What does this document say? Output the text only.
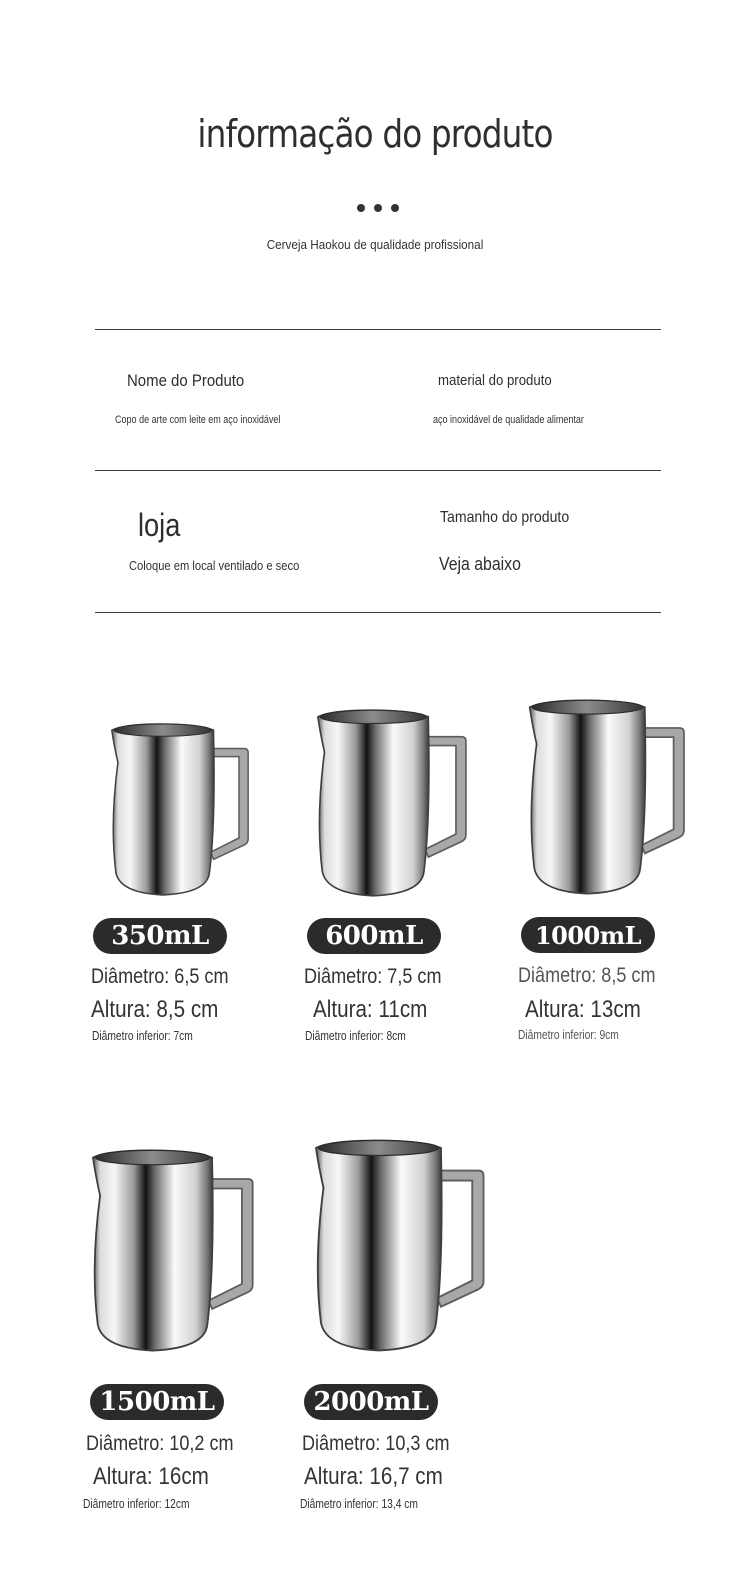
informação do produto
Cerveja Haokou de qualidade profissional
Nome do Produto
Copo de arte com leite em aço inoxidável
material do produto
aço inoxidável de qualidade alimentar
loja
Coloque em local ventilado e seco
Tamanho do produto
Veja abaixo
350mL
Diâmetro: 6,5 cm
Altura: 8,5 cm
Diâmetro inferior: 7cm
600mL
Diâmetro: 7,5 cm
Altura: 11cm
Diâmetro inferior: 8cm
1000mL
Diâmetro: 8,5 cm
Altura: 13cm
Diâmetro inferior: 9cm
1500mL
Diâmetro: 10,2 cm
Altura: 16cm
Diâmetro inferior: 12cm
2000mL
Diâmetro: 10,3 cm
Altura: 16,7 cm
Diâmetro inferior: 13,4 cm
